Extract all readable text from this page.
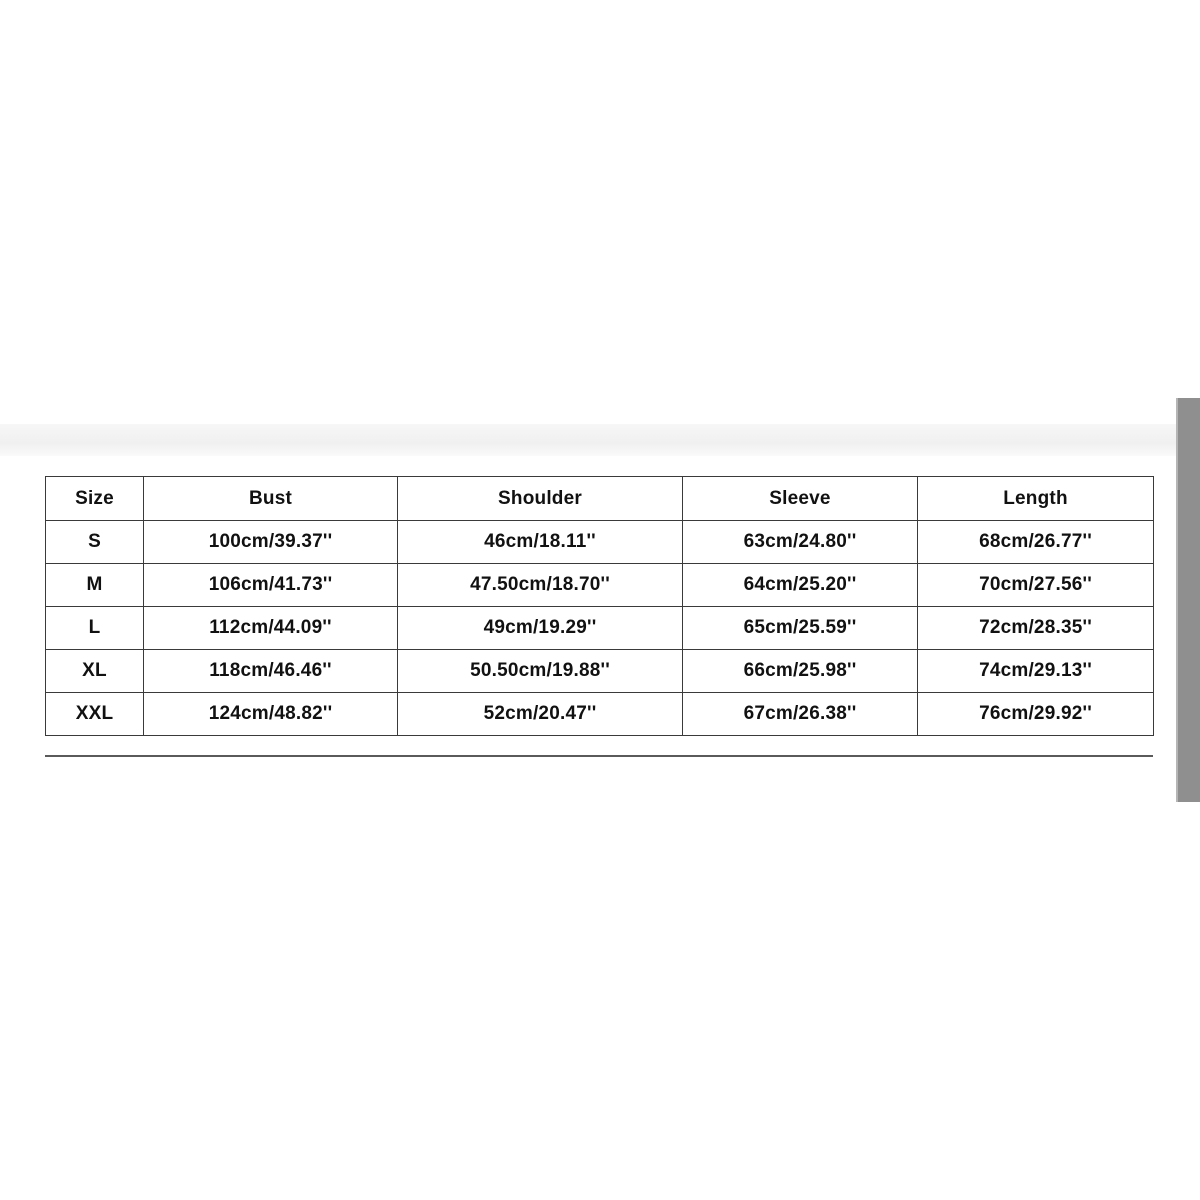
Size	Bust	Shoulder	Sleeve	Length
S	100cm/39.37''	46cm/18.11''	63cm/24.80''	68cm/26.77''
M	106cm/41.73''	47.50cm/18.70''	64cm/25.20''	70cm/27.56''
L	112cm/44.09''	49cm/19.29''	65cm/25.59''	72cm/28.35''
XL	118cm/46.46''	50.50cm/19.88''	66cm/25.98''	74cm/29.13''
XXL	124cm/48.82''	52cm/20.47''	67cm/26.38''	76cm/29.92''
